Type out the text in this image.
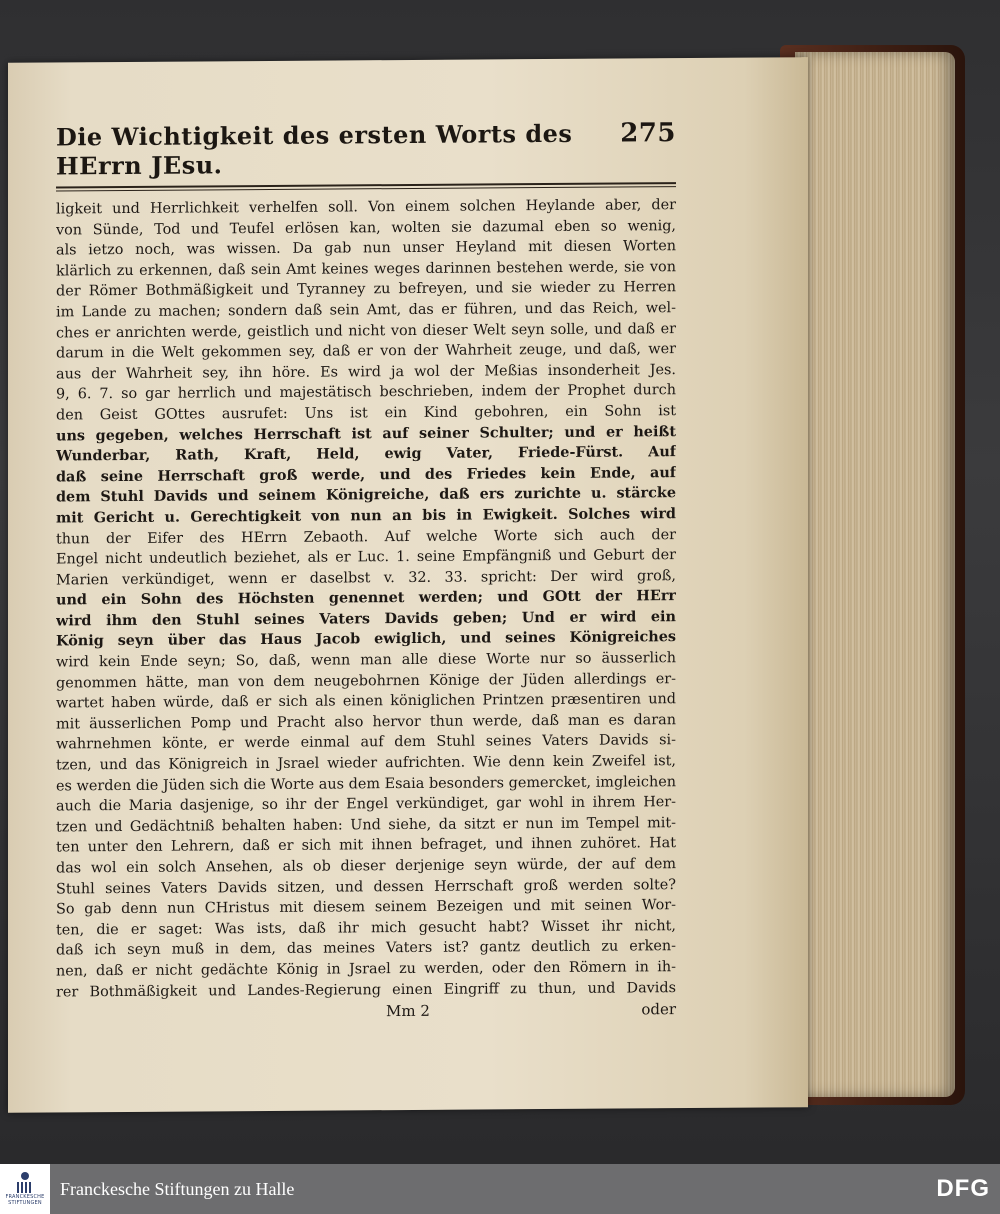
Die Wichtigkeit des ersten Worts des HErrn JEsu.
275
ligkeit und Herrlichkeit verhelfen soll. Von einem solchen Heylande aber, der
von Sünde, Tod und Teufel erlösen kan, wolten sie dazumal eben so wenig,
als ietzo noch, was wissen. Da gab nun unser Heyland mit diesen Worten
klärlich zu erkennen, daß sein Amt keines weges darinnen bestehen werde, sie von
der Römer Bothmäßigkeit und Tyranney zu befreyen, und sie wieder zu Herren
im Lande zu machen; sondern daß sein Amt, das er führen, und das Reich, wel-
ches er anrichten werde, geistlich und nicht von dieser Welt seyn solle, und daß er
darum in die Welt gekommen sey, daß er von der Wahrheit zeuge, und daß, wer
aus der Wahrheit sey, ihn höre. Es wird ja wol der Meßias insonderheit Jes.
9, 6. 7. so gar herrlich und majestätisch beschrieben, indem der Prophet durch
den Geist GOttes ausrufet: Uns ist ein Kind gebohren, ein Sohn ist
uns gegeben, welches Herrschaft ist auf seiner Schulter; und er heißt
Wunderbar, Rath, Kraft, Held, ewig Vater, Friede-Fürst. Auf
daß seine Herrschaft groß werde, und des Friedes kein Ende, auf
dem Stuhl Davids und seinem Königreiche, daß ers zurichte u. stärcke
mit Gericht u. Gerechtigkeit von nun an bis in Ewigkeit. Solches wird
thun der Eifer des HErrn Zebaoth. Auf welche Worte sich auch der
Engel nicht undeutlich beziehet, als er Luc. 1. seine Empfängniß und Geburt der
Marien verkündiget, wenn er daselbst v. 32. 33. spricht: Der wird groß,
und ein Sohn des Höchsten genennet werden; und GOtt der HErr
wird ihm den Stuhl seines Vaters Davids geben; Und er wird ein
König seyn über das Haus Jacob ewiglich, und seines Königreiches
wird kein Ende seyn; So, daß, wenn man alle diese Worte nur so äusserlich
genommen hätte, man von dem neugebohrnen Könige der Jüden allerdings er-
wartet haben würde, daß er sich als einen königlichen Printzen præsentiren und
mit äusserlichen Pomp und Pracht also hervor thun werde, daß man es daran
wahrnehmen könte, er werde einmal auf dem Stuhl seines Vaters Davids si-
tzen, und das Königreich in Jsrael wieder aufrichten. Wie denn kein Zweifel ist,
es werden die Jüden sich die Worte aus dem Esaia besonders gemercket, imgleichen
auch die Maria dasjenige, so ihr der Engel verkündiget, gar wohl in ihrem Her-
tzen und Gedächtniß behalten haben: Und siehe, da sitzt er nun im Tempel mit-
ten unter den Lehrern, daß er sich mit ihnen befraget, und ihnen zuhöret. Hat
das wol ein solch Ansehen, als ob dieser derjenige seyn würde, der auf dem
Stuhl seines Vaters Davids sitzen, und dessen Herrschaft groß werden solte?
So gab denn nun CHristus mit diesem seinem Bezeigen und mit seinen Wor-
ten, die er saget: Was ists, daß ihr mich gesucht habt? Wisset ihr nicht,
daß ich seyn muß in dem, das meines Vaters ist? gantz deutlich zu erken-
nen, daß er nicht gedächte König in Jsrael zu werden, oder den Römern in ih-
rer Bothmäßigkeit und Landes-Regierung einen Eingriff zu thun, und Davids
Mm 2	oder
FRANCKESCHE
STIFTUNGEN
Franckesche Stiftungen zu Halle	DFG
